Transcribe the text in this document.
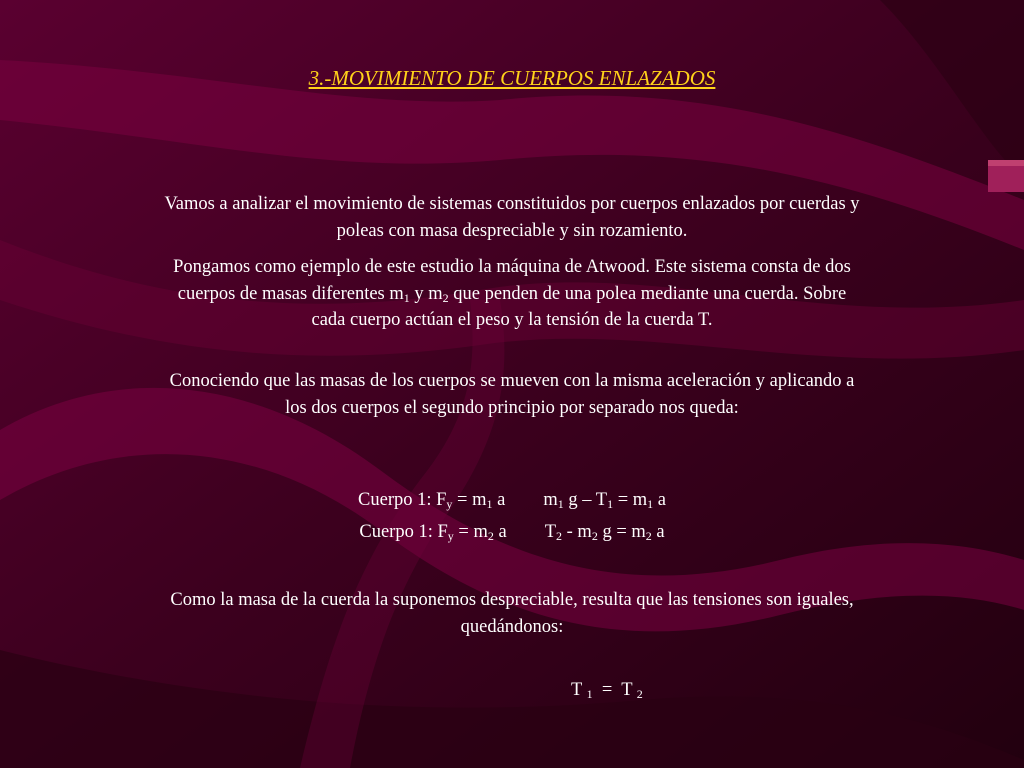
3.-MOVIMIENTO DE CUERPOS ENLAZADOS
Vamos a analizar el movimiento de sistemas constituidos por cuerpos enlazados por cuerdas y poleas con masa despreciable y sin rozamiento.
Pongamos como ejemplo de este estudio la máquina de Atwood. Este sistema consta de dos cuerpos de masas diferentes $m_1$ y $m_2$ que penden de una polea mediante una cuerda. Sobre cada cuerpo actúan el peso y la tensión de la cuerda T.
Conociendo que las masas de los cuerpos se mueven con la misma aceleración y aplicando a los dos cuerpos el segundo principio por separado nos queda:
Cuerpo 1: $F_y = m_1$ a $m_1$ $g - T_1 = m_1$ a
Cuerpo 1: $F_y = m_2$ a $T_2 - m_2$ $g = m_2$ a
Como la masa de la cuerda la suponemos despreciable, resulta que las tensiones son iguales, quedándonos:
T $_1$  =  T $_2$
